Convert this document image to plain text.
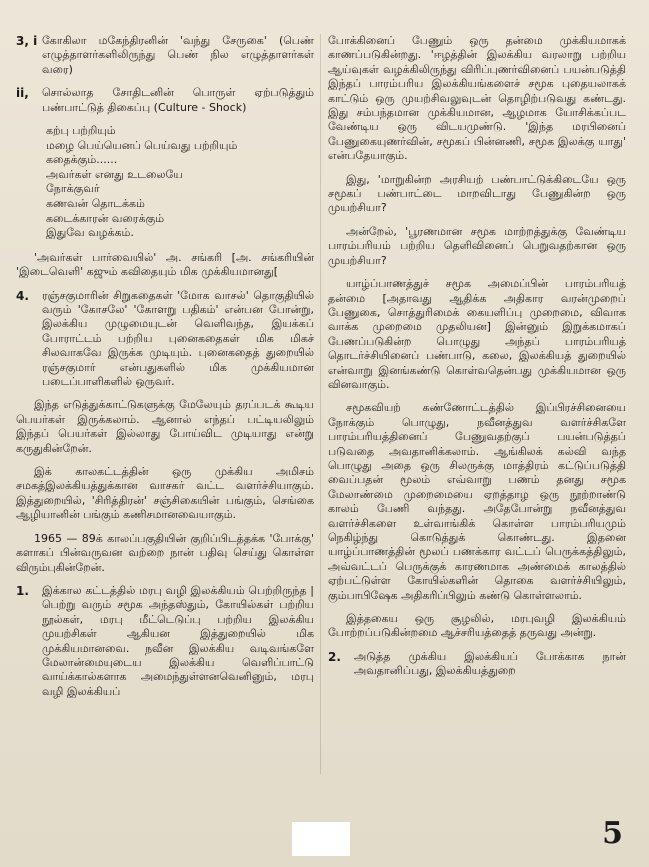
3, i கோகிலா மகேந்திரனின் 'வந்து சேருகை' (பெண் எழுத்தாளர்களிலிருந்து பெண் நில எழுத்தாளர்கள் வரை)

ii,	சொல்லாத சோதிடனின் பொருள் ஏற்படுத்தும் பண்பாட்டுத் திகைப்பு (Culture - Shock)

கற்பு பற்றியும்
மழை பெய்யெனப் பெய்வது பற்றியும்
கதைக்கும்......
அவர்கள் எனது உடலையே
நோக்குவர்
கணவன் தொடக்கம்
கடைக்காரன் வரைக்கும்
இதுவே வழக்கம்.

'அவர்கள் பார்வையில்' அ. சங்கரி [அ. சங்கரியின் 'இடைவெளி' கஜும் கவிதையும் மிக முக்கியமானது[

4.	ரஞ்சகுமாரின் சிறுகதைகள் 'மோக வாசல்' தொகுதியில் வரும் 'கோசலே' 'கோளறு பதிகம்' என்பன போன்று, இலக்கிய முழுமையுடன் வெளிவந்த, இயக்கப் போராட்டம் பற்றிய புனைகதைகள் மிக மிகச் சிலவாகவே இருக்க முடியும். புனைகதைத் துறையில் ரஞ்சகுமார் என்பதுகளில் மிக முக்கியமான படைப்பாளிகளில் ஒருவர்.

இந்த எடுத்துக்காட்டுகளுக்கு மேலேயும் தரப்படக் கூடிய பெயர்கள் இருக்கலாம். ஆனால் எந்தப் பட்டியலிலும் இந்தப் பெயர்கள் இல்லாது போய்விட முடியாது என்று கருதுகின்றேன்.

இக் காலகட்டத்தின் ஒரு முக்கிய அமிசம் சமகத்இலக்கியத்துக்கான வாசகர் வட்ட வளர்ச்சியாகும். இத்துறையில், 'சிரித்திரன்' சஞ்சிகையின் பங்கும், செங்கை ஆழியானின் பங்கும் கணிசமானவையாகும்.

1965 — 89க் காலப்பகுதியின் குறிப்பிடத்தக்க 'போக்கு' களாகப் பின்வருவன வற்றை நான் பதிவு செய்து கொள்ள விரும்புகின்றேன்.

1.	இக்கால கட்டத்தில் மரபு வழி இலக்கியம் பெற்றிருந்த | பெற்று வரும் சமூக அந்தஸ்தும், கோயில்கள் பற்றிய நூல்கள், மரபு மீட்டெடுப்பு பற்றிய இலக்கிய முயற்சிகள் ஆகியன இத்துறையில் மிக முக்கியமானவை. நவீன இலக்கிய வடிவங்களே மேலான்மையுடைய இலக்கிய வெளிப்பாட்டு வாய்க்கால்களாக அமைந்துள்ளனவெனினும், மரபு வழி இலக்கியப்

போக்கினைப் பேணும் ஒரு தன்மை முக்கியமாகக் காணப்படுகின்றது. 'ஈழத்தின் இலக்கிய வரலாறு பற்றிய ஆய்வுகள் வழக்கிலிருந்து விரிப்புணர்வினைப் பயன்படுத்தி இந்தப் பாரம்பரிய இலக்கியங்களைச் சமூக புதையலாகக் காட்டும் ஒரு முயற்சிவலுவுடன் தொழிற்படுவது கண்டது. இது சம்பந்தமான முக்கியமான, ஆழமாக யோசிக்கப்பட வேண்டிய ஒரு விடயமுண்டு. 'இந்த மரபினைப் பேணுகையுணர்வின், சமூகப் பின்னணி, சமூக இலக்கு யாது' என்பதேயாகும்.

இது, 'மாறுகின்ற அரசியற் பண்பாட்டுக்கிடையே ஒரு சமூகப் பண்பாட்டை மாறவிடாது பேணுகின்ற ஒரு முயற்சியா?

அன்றேல், 'பூரணமான சமூக மாற்றத்துக்கு வேண்டிய பாரம்பரியம் பற்றிய தெளிவினைப் பெறுவதற்கான ஒரு முயற்சியா?

யாழ்ப்பாணத்துச் சமூக அமைப்பின் பாரம்பரியத் தன்மை [அதாவது ஆதிக்க அதிகார வரன்முறைப் பேணுகை, சொத்துரிமைக் கையளிப்பு முறைமை, விவாக வாக்க முறைமை முதலியன] இன்னும் இறுக்கமாகப் பேணப்படுகின்ற பொழுது அந்தப் பாரம்பரியத் தொடர்ச்சியினைப் பண்பாடு, கலை, இலக்கியத் துறையில் என்வாறு இனங்கண்டு கொள்வதென்பது முக்கியமான ஒரு வினவாகும்.

சமூகவியற் கண்ணோட்டத்தில் இப்பிரச்சினையை நோக்கும் பொழுது, நவீனத்துவ வளர்ச்சிகளே பாரம்பரியத்தினைப் பேணுவதற்குப் பயன்படுத்தப் படுவதை அவதானிக்கலாம். ஆங்கிலக் கல்வி வந்த பொழுது அதை ஒரு சிலருக்கு மாத்திரம் கட்டுப்படுத்தி வைப்பதன் மூலம் எவ்வாறு பணம் தனது சமூக மேலாண்மை முறைமையை ஏறத்தாழ ஒரு நூற்றாண்டு காலம் பேணி வந்தது. அதேபோன்று நவீனத்துவ வளர்ச்சிகளை உள்வாங்கிக் கொள்ள பாரம்பரியமும் நெகிழ்ந்து கொடுத்துக் கொண்டது. இதனை யாழ்ப்பாணத்தின் மூலப் பணக்கார வட்டப் பெருக்கத்திலும், அவ்வட்டப் பெருக்குக் காரணமாக அண்மைக் காலத்தில் ஏற்பட்டுள்ள கோயில்களின் தொகை வளர்ச்சியிலும், கும்பாபிஷேக அதிகரிப்பிலும் கண்டு கொள்ளலாம்.

இத்தகைய ஒரு சூழலில், மரபுவழி இலக்கியம் போற்றப்படுகின்றமை ஆச்சரியத்தைத் தருவது அன்று.

2.	அடுத்த முக்கிய இலக்கியப் போக்காக நான் அவதானிப்பது, இலக்கியத்துறை

5
